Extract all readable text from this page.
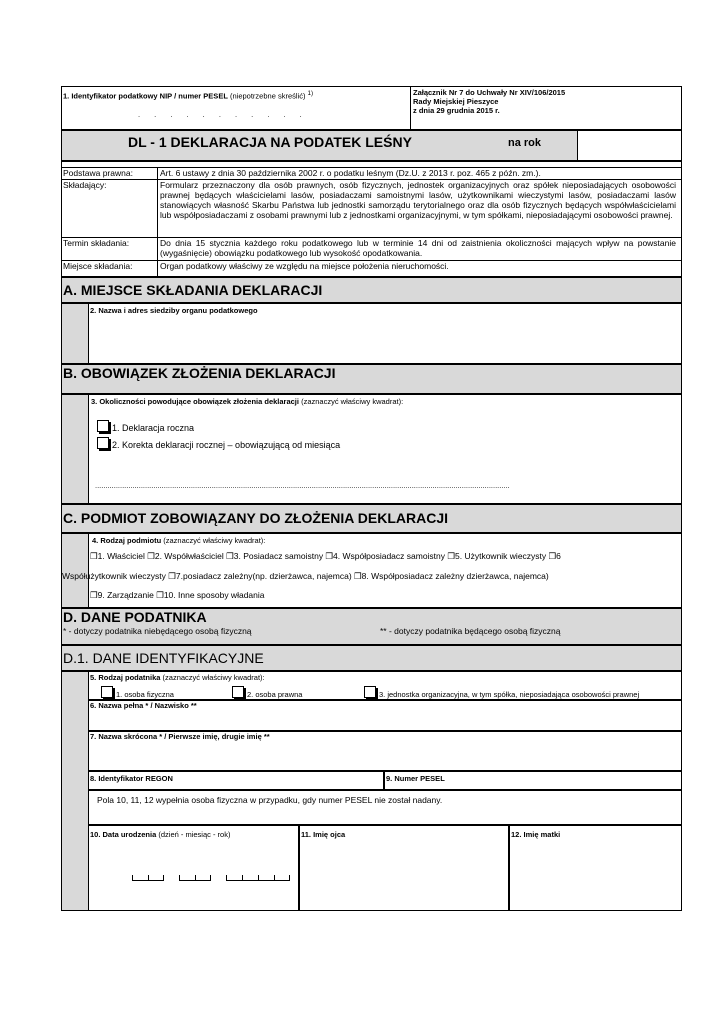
1. Identyfikator podatkowy NIP / numer PESEL (niepotrzebne skreślić) $^{1)}$
. . . . . . . . . . .
Załącznik Nr 7 do Uchwały Nr XIV/106/2015
Rady Miejskiej Pieszyce
z dnia 29 grudnia 2015 r.
DL - 1 DEKLARACJA NA PODATEK LEŚNY	na rok
Podstawa prawna:	Art. 6 ustawy z dnia 30 października 2002 r. o podatku leśnym (Dz.U. z 2013 r. poz. 465 z późn. zm.).
Składający:	Formularz przeznaczony dla osób prawnych, osób fizycznych, jednostek organizacyjnych oraz spółek nieposiadających osobowości prawnej będących właścicielami lasów, posiadaczami samoistnymi lasów, użytkownikami wieczystymi lasów, posiadaczami lasów stanowiących własność Skarbu Państwa lub jednostki samorządu terytorialnego oraz dla osób fizycznych będących współwłaścicielami lub współposiadaczami z osobami prawnymi lub z jednostkami organizacyjnymi, w tym spółkami, nieposiadającymi osobowości prawnej.
Termin składania:	Do dnia 15 stycznia każdego roku podatkowego lub w terminie 14 dni od zaistnienia okoliczności mających wpływ na powstanie (wygaśnięcie) obowiązku podatkowego lub wysokość opodatkowania.
Miejsce składania:	Organ podatkowy właściwy ze względu na miejsce położenia nieruchomości.
A. MIEJSCE SKŁADANIA DEKLARACJI
2. Nazwa i adres siedziby organu podatkowego
B. OBOWIĄZEK ZŁOŻENIA DEKLARACJI
3. Okoliczności powodujące obowiązek złożenia deklaracji (zaznaczyć właściwy kwadrat):
1. Deklaracja roczna
2. Korekta deklaracji rocznej – obowiązującą od miesiąca
.......................................................................................................................................................................................................
C. PODMIOT ZOBOWIĄZANY DO ZŁOŻENIA DEKLARACJI
4. Rodzaj podmiotu (zaznaczyć właściwy kwadrat):
❒1. Właściciel ❒2. Współwłaściciel ❒3. Posiadacz samoistny ❒4. Współposiadacz samoistny ❒5. Użytkownik wieczysty ❒6
Współużytkownik wieczysty ❒7.posiadacz zależny(np. dzierżawca, najemca) ❒8. Współposiadacz zależny dzierżawca, najemca)
❒9. Zarządzanie ❒10. Inne sposoby władania
D. DANE PODATNIKA
* - dotyczy podatnika niebędącego osobą fizyczną	** - dotyczy podatnika będącego osobą fizyczną
D.1. DANE IDENTYFIKACYJNE
5. Rodzaj podatnika (zaznaczyć właściwy kwadrat):
1. osoba fizyczna	2. osoba prawna	3. jednostka organizacyjna, w tym spółka, nieposiadająca osobowości prawnej
6. Nazwa pełna * / Nazwisko **
7. Nazwa skrócona * / Pierwsze imię, drugie imię **
8. Identyfikator REGON	9. Numer PESEL
Pola 10, 11, 12 wypełnia osoba fizyczna w przypadku, gdy numer PESEL nie został nadany.
10. Data urodzenia (dzień - miesiąc - rok)	11. Imię ojca	12. Imię matki
